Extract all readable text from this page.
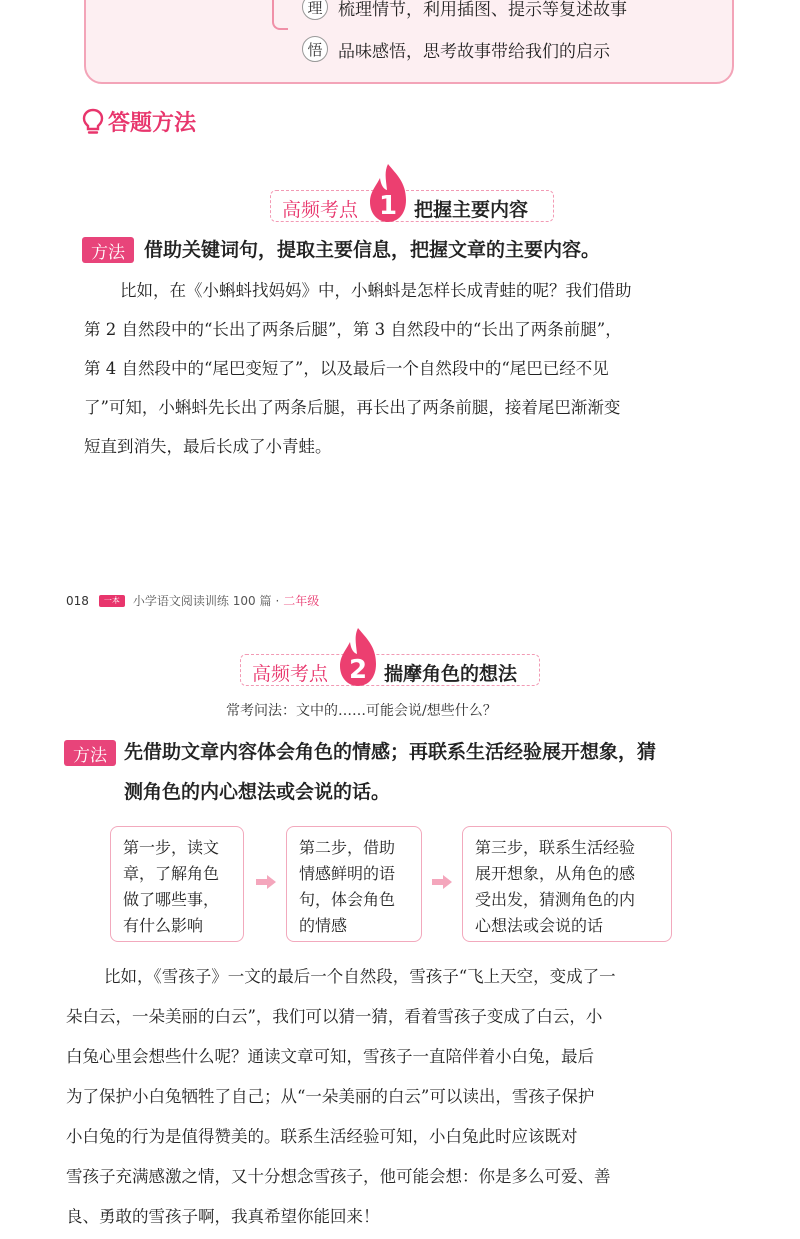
理 梳理情节，利用插图、提示等复述故事
悟 品味感悟，思考故事带给我们的启示
答题方法
高频考点 1 把握主要内容
方法	借助关键词句，提取主要信息，把握文章的主要内容。
比如，在《小蝌蚪找妈妈》中，小蝌蚪是怎样长成青蛙的呢？我们借助
第 2 自然段中的“长出了两条后腿”，第 3 自然段中的“长出了两条前腿”，
第 4 自然段中的“尾巴变短了”，以及最后一个自然段中的“尾巴已经不见
了”可知，小蝌蚪先长出了两条后腿，再长出了两条前腿，接着尾巴渐渐变
短直到消失，最后长成了小青蛙。
018	一本	小学语文阅读训练 100 篇 · 二年级
高频考点 2 揣摩角色的想法
常考问法：文中的……可能会说/想些什么？
方法 先借助文章内容体会角色的情感；再联系生活经验展开想象，猜
测角色的内心想法或会说的话。
第一步，读文
章，了解角色
做了哪些事，
有什么影响
第二步，借助
情感鲜明的语
句，体会角色
的情感
第三步，联系生活经验
展开想象，从角色的感
受出发，猜测角色的内
心想法或会说的话
比如，《雪孩子》一文的最后一个自然段，雪孩子“飞上天空，变成了一
朵白云，一朵美丽的白云”，我们可以猜一猜，看着雪孩子变成了白云，小
白兔心里会想些什么呢？通读文章可知，雪孩子一直陪伴着小白兔，最后
为了保护小白兔牺牲了自己；从“一朵美丽的白云”可以读出，雪孩子保护
小白兔的行为是值得赞美的。联系生活经验可知，小白兔此时应该既对
雪孩子充满感激之情，又十分想念雪孩子，他可能会想：你是多么可爱、善
良、勇敢的雪孩子啊，我真希望你能回来！
